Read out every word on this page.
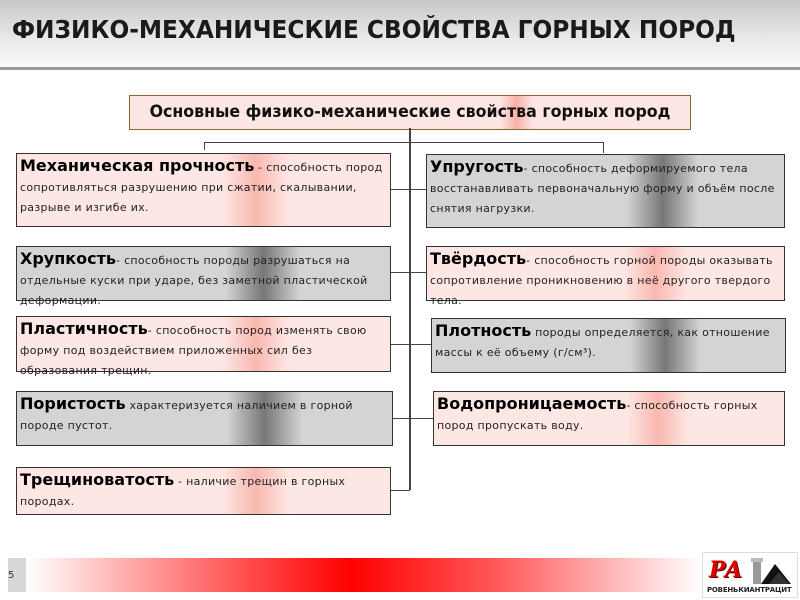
ФИЗИКО-МЕХАНИЧЕСКИЕ СВОЙСТВА ГОРНЫХ ПОРОД
Основные физико-механические свойства горных пород
Механическая прочность - способность пород сопротивляться разрушению при сжатии, скалывании, разрыве и изгибе их.
Хрупкость- способность породы разрушаться на отдельные куски при ударе, без заметной пластической деформации.
Пластичность- способность пород изменять свою форму под воздействием приложенных сил без образования трещин.
Пористость характеризуется наличием в горной породе пустот.
Трещиноватость - наличие трещин в горных породах.
Упругость- способность деформируемого тела восстанавливать первоначальную форму и объём после снятия нагрузки.
Твёрдость- способность горной породы оказывать сопротивление проникновению в неё другого твердого тела.
Плотность породы определяется, как отношение массы к её объему (г/см³).
Водопроницаемость- способность горных пород пропускать воду.
5	РА
РОВЕНЬКИАНТРАЦИТ
